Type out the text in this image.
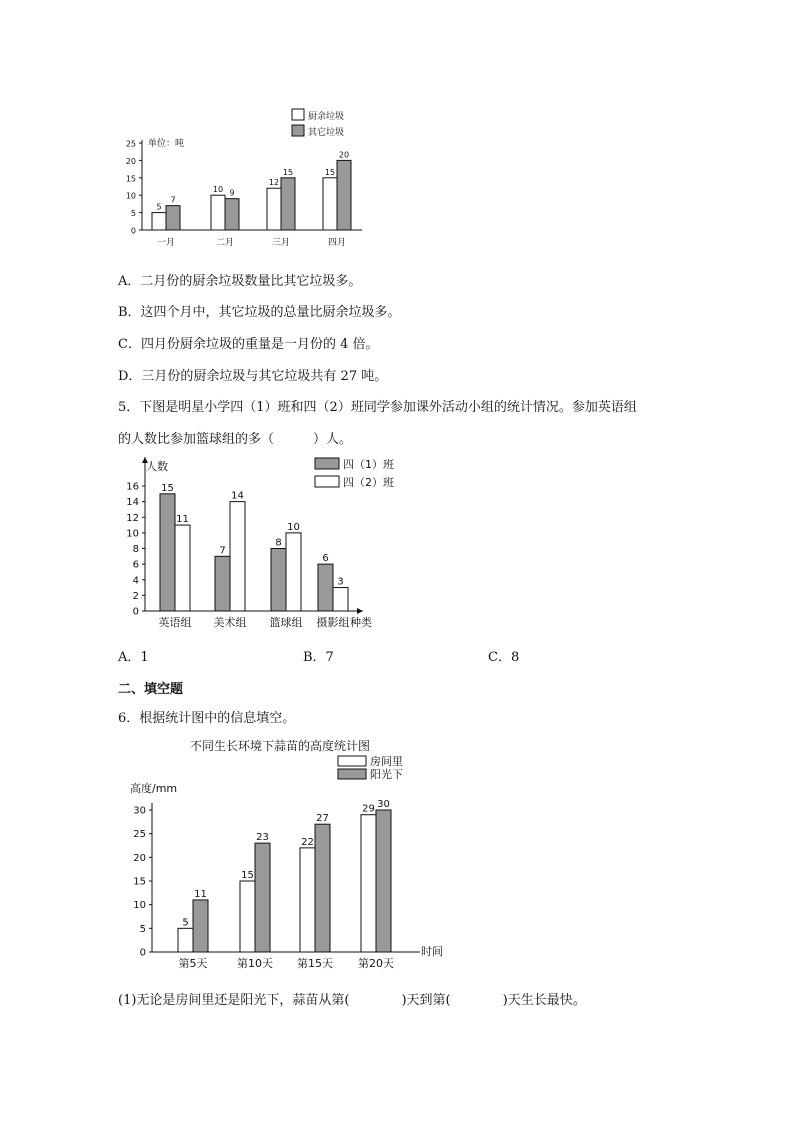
0
5
10
15
20
25
一月
5
7
二月
10 9
三月
12
15
四月
15
20
厨余垃圾
其它垃圾
单位：吨
A．二月份的厨余垃圾数量比其它垃圾多。
B．这四个月中，其它垃圾的总量比厨余垃圾多。
C．四月份厨余垃圾的重量是一月份的 4 倍。
D．三月份的厨余垃圾与其它垃圾共有 27 吨。
5．下图是明星小学四（1）班和四（2）班同学参加课外活动小组的统计情况。参加英语组
的人数比参加篮球组的多（　　　）人。
0
2
4
6
8
10
12
14
16
英语组
15
11
美术组
7
14
篮球组
8
10
摄影组
6
3
四（1）班
四（2）班
人数
种类
A．1	B．7	C．8
二、填空题
6．根据统计图中的信息填空。
0
5
10
15
20
25
30
第5天
5
11
第10天
15
23
第15天
22
27
第20天
29 30
房间里
阳光下
高度/mm
时间
不同生长环境下蒜苗的高度统计图
(1)无论是房间里还是阳光下，蒜苗从第(　　　　)天到第(　　　　)天生长最快。
